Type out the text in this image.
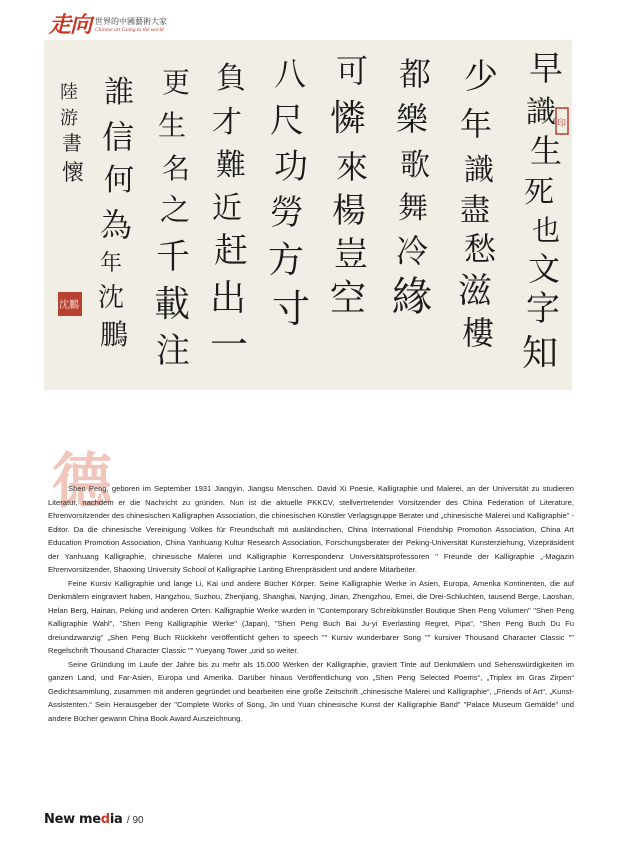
走向 世界的中國藝術大家
Chinese art Going to the world
早
識
生
死
也
文
字
知
少
年
識
盡
愁
滋
樓
都
樂
歌
舞
冷
緣
可
憐
來
楊
豈
空
八
尺
功
勞
方
寸
負
才
難
近
赶
出
一
更
生
名
之
千
載
注
誰
信
何
為
陸
游
書
懷
年
沈
鵬
印
沈鵬
德

Shen Peng, geboren im September 1931 Jiangyin, Jiangsu Menschen. David Xi Poesie, Kalligraphie und Malerei, an der Universität zu studieren Literatur, nachdem er die Nachricht zu gründen. Nun ist die aktuelle PKKCV, stellvertretender Vorsitzender des China Federation of Literature, Ehrenvorsitzender des chinesischen Kalligraphen Association, die chinesischen Künstler Verlagsgruppe Berater und „chinesische Malerei und Kalligraphie“ -Editor. Da die chinesische Vereinigung Volkes für Freundschaft mit ausländischen, China International Friendship Promotion Association, China Art Education Promotion Association, China Yanhuang Kultur Research Association, Forschungsberater der Peking-Universität Kunsterziehung, Vizepräsident der Yanhuang Kalligraphie, chinesische Malerei und Kalligraphie Korrespondenz Universitätsprofessoren " Freunde der Kalligraphie „-Magazin Ehrenvorsitzender, Shaoxing University School of Kalligraphie Lanting Ehrenpräsident und andere Mitarbeiter.

Feine Kursiv Kalligraphie und lange Li, Kai und andere Bücher Körper. Seine Kalligraphie Werke in Asien, Europa, Amerika Kontinenten, die auf Denkmälern eingraviert haben, Hangzhou, Suzhou, Zhenjiang, Shanghai, Nanjing, Jinan, Zhengzhou, Emei, die Drei-Schluchten, tausend Berge, Laoshan, Helan Berg, Hainan, Peking und anderen Orten. Kalligraphie Werke wurden in "Contemporary Schreibkünstler Boutique Shen Peng Volumen" "Shen Peng Kalligraphie Wahl", "Shen Peng Kalligraphie Werke" (Japan), "Shen Peng Buch Bai Ju-yi Everlasting Regret, Pipa", "Shen Peng Buch Du Fu dreiundzwanzig" „Shen Peng Buch Rückkehr veröffentlicht gehen to speech "" Kursiv wunderbarer Song "" kursiver Thousand Character Classic "" Regelschrift Thousand Character Classic "" Yueyang Tower „und so weiter.

Seine Gründung im Laufe der Jahre bis zu mehr als 15.000 Werken der Kalligraphie, graviert Tinte auf Denkmälern und Sehenswürdigkeiten im ganzen Land, und Far-Asien, Europa und Amerika. Darüber hinaus Veröffentlichung von „Shen Peng Selected Poems“, „Triplex im Gras Zirpen“ Gedichtsammlung, zusammen mit anderen gegründet und bearbeiten eine große Zeitschrift „chinesische Malerei und Kalligraphie“, „Friends of Art“, „Kunst-Assistenten.“ Sein Herausgeber der "Complete Works of Song, Jin und Yuan chinesische Kunst der Kalligraphie Band" "Palace Museum Gemälde" und andere Bücher gewann China Book Award Auszeichnung.

New media / 90
